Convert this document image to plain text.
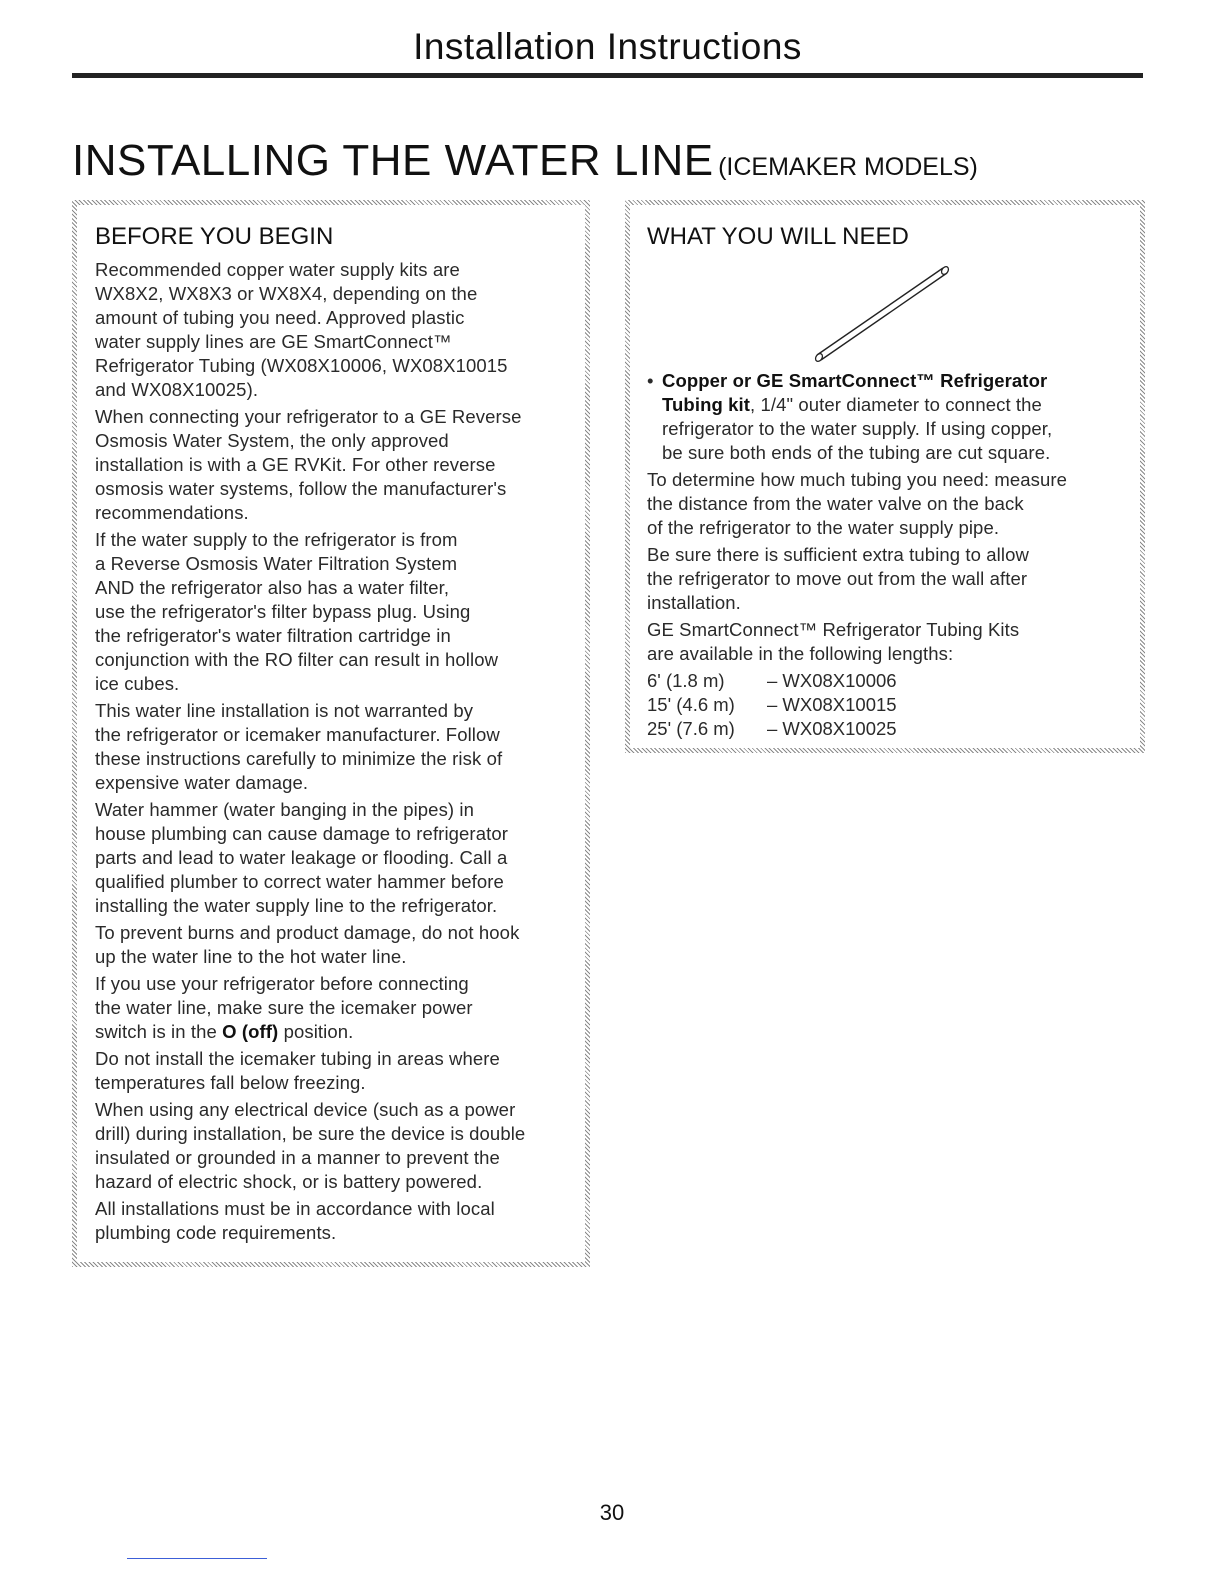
Installation Instructions
INSTALLING THE WATER LINE (ICEMAKER MODELS)
BEFORE YOU BEGIN
Recommended copper water supply kits are
WX8X2, WX8X3 or WX8X4, depending on the
amount of tubing you need. Approved plastic
water supply lines are GE SmartConnect™
Refrigerator Tubing (WX08X10006, WX08X10015
and WX08X10025).
When connecting your refrigerator to a GE Reverse
Osmosis Water System, the only approved
installation is with a GE RVKit. For other reverse
osmosis water systems, follow the manufacturer's
recommendations.
If the water supply to the refrigerator is from
a Reverse Osmosis Water Filtration System
AND the refrigerator also has a water filter,
use the refrigerator's filter bypass plug. Using
the refrigerator's water filtration cartridge in
conjunction with the RO filter can result in hollow
ice cubes.
This water line installation is not warranted by
the refrigerator or icemaker manufacturer. Follow
these instructions carefully to minimize the risk of
expensive water damage.
Water hammer (water banging in the pipes) in
house plumbing can cause damage to refrigerator
parts and lead to water leakage or flooding. Call a
qualified plumber to correct water hammer before
installing the water supply line to the refrigerator.
To prevent burns and product damage, do not hook
up the water line to the hot water line.
If you use your refrigerator before connecting
the water line, make sure the icemaker power
switch is in the O (off) position.
Do not install the icemaker tubing in areas where
temperatures fall below freezing.
When using any electrical device (such as a power
drill) during installation, be sure the device is double
insulated or grounded in a manner to prevent the
hazard of electric shock, or is battery powered.
All installations must be in accordance with local
plumbing code requirements.
WHAT YOU WILL NEED
• Copper or GE SmartConnect™ Refrigerator
Tubing kit, 1/4" outer diameter to connect the
refrigerator to the water supply. If using copper,
be sure both ends of the tubing are cut square.
To determine how much tubing you need: measure
the distance from the water valve on the back
of the refrigerator to the water supply pipe.
Be sure there is sufficient extra tubing to allow
the refrigerator to move out from the wall after
installation.
GE SmartConnect™ Refrigerator Tubing Kits
are available in the following lengths:
6' (1.8 m)	– WX08X10006
15' (4.6 m)	– WX08X10015
25' (7.6 m)	– WX08X10025
30
